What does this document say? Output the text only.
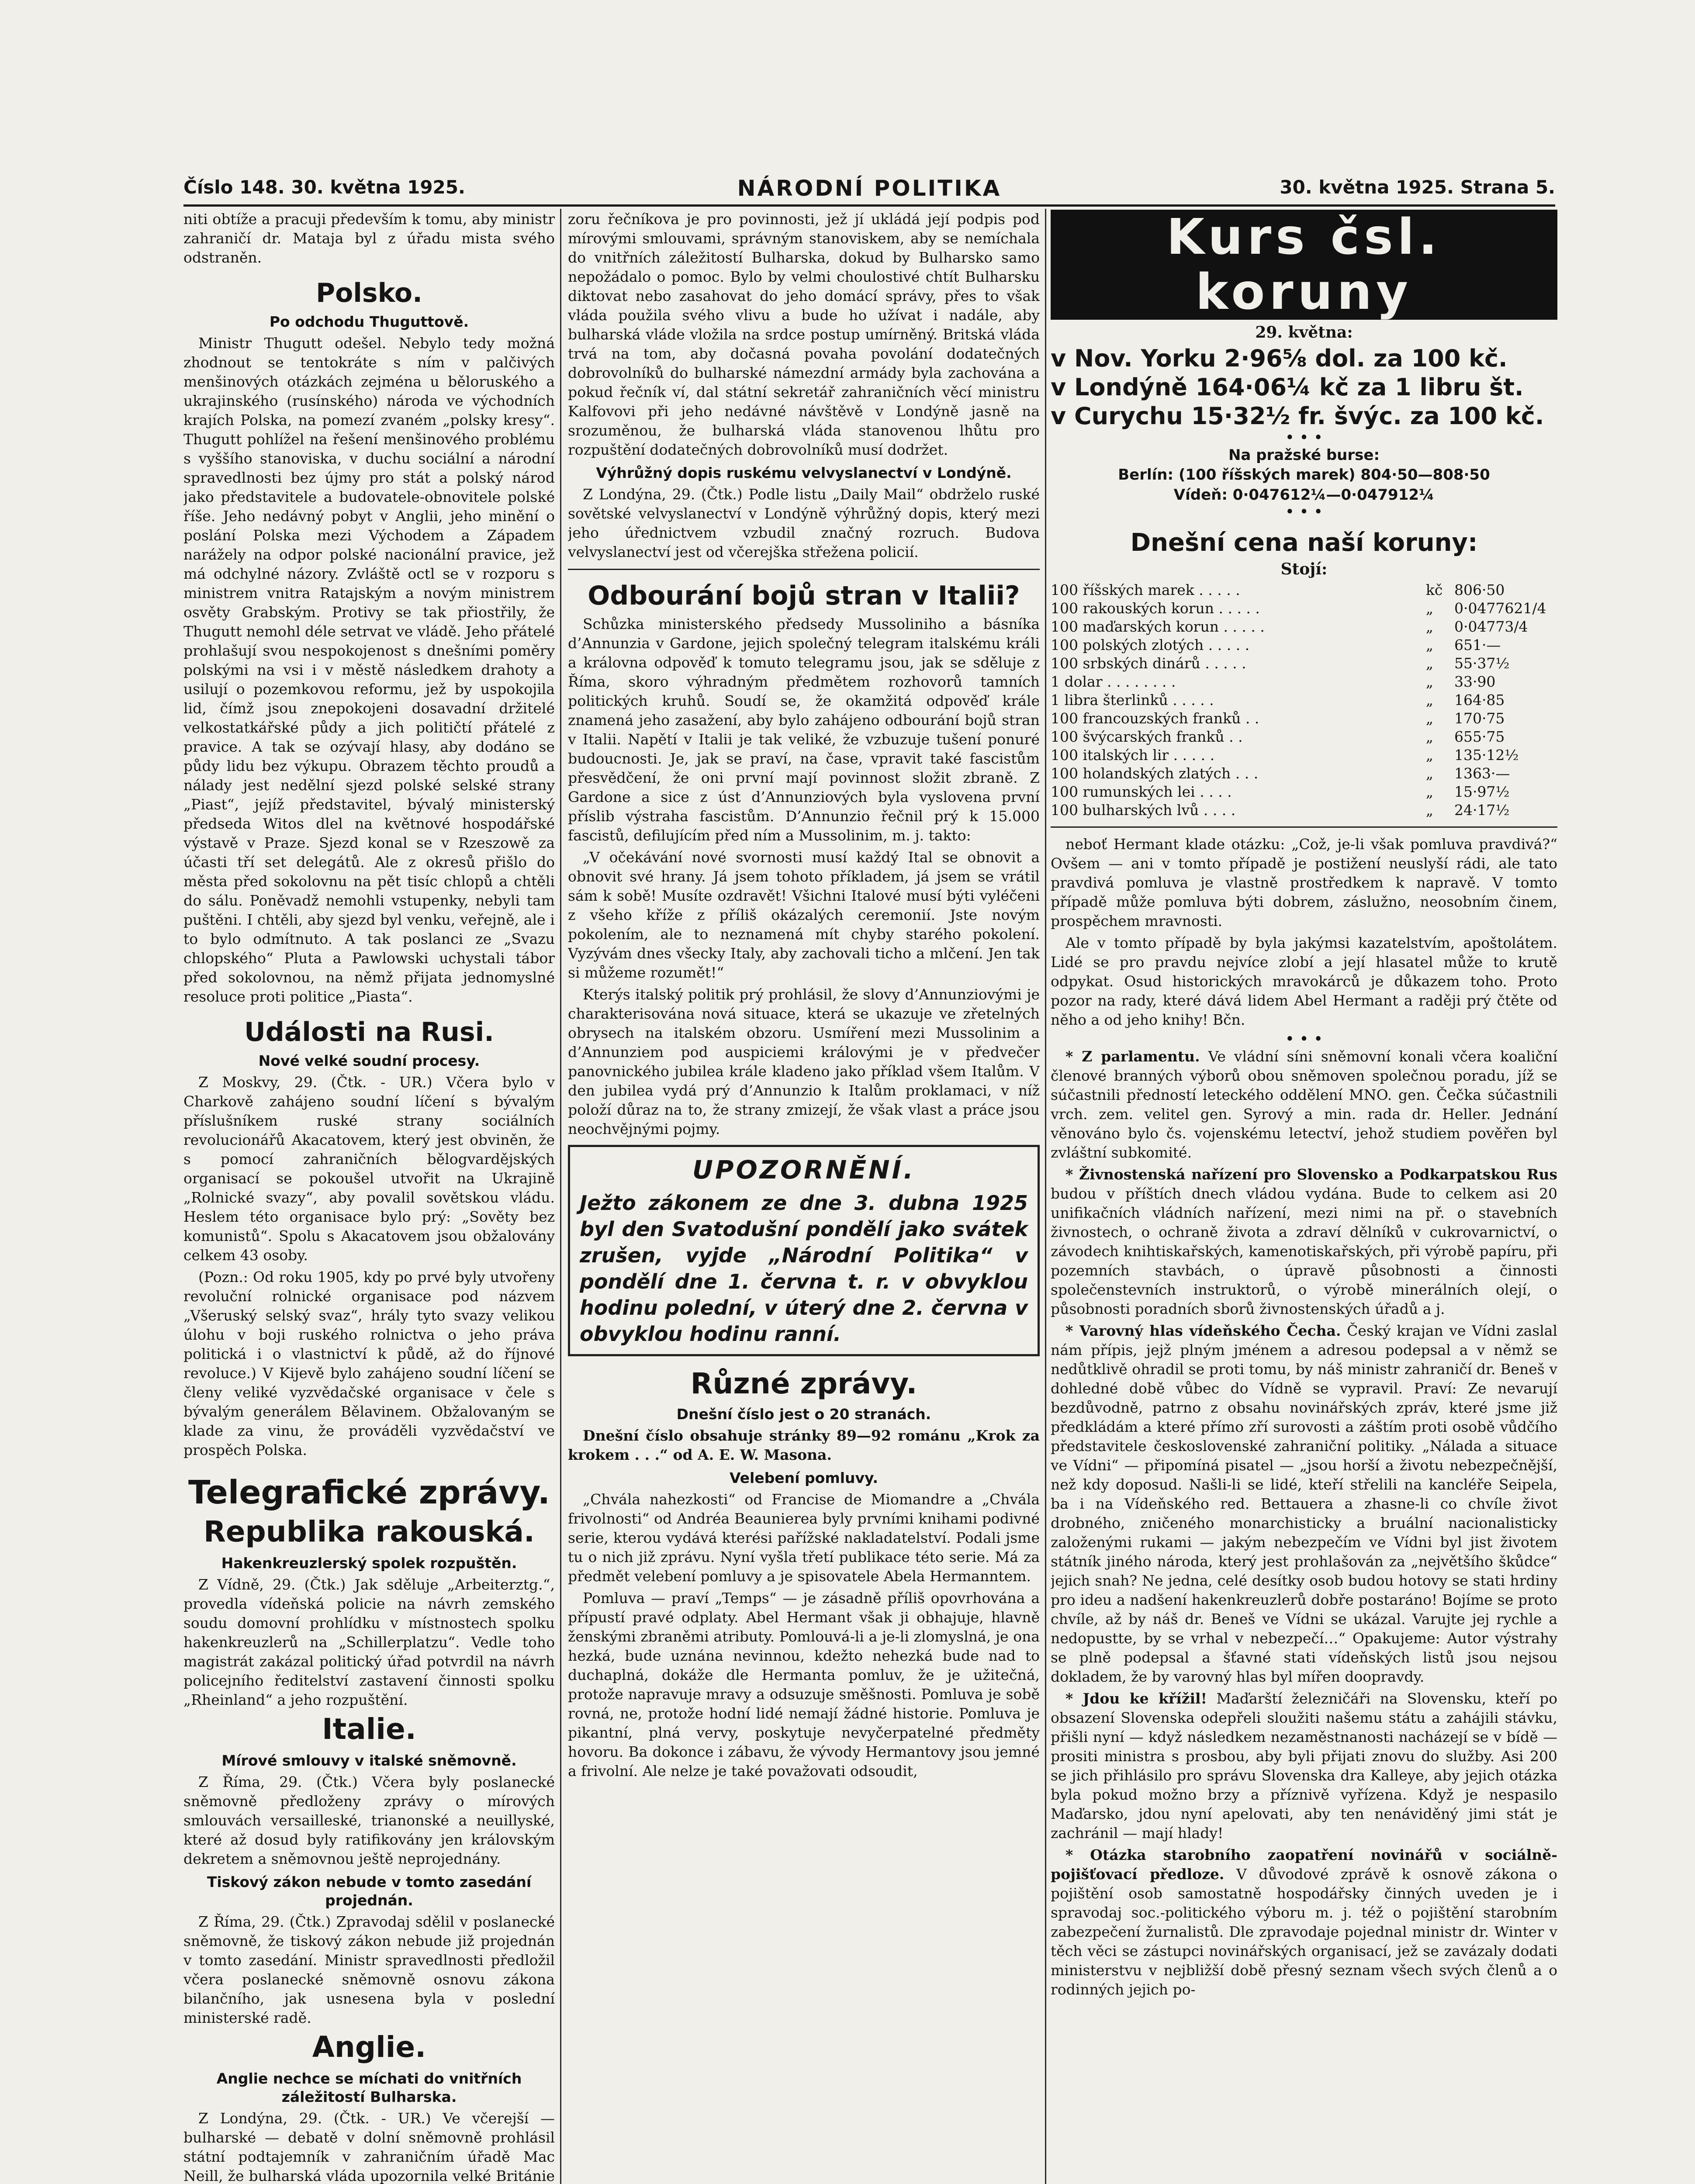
Číslo 148. 30. května 1925.	NÁRODNÍ POLITIKA	30. května 1925. Strana 5.

niti obtíže a pracuji především k tomu, aby ministr zahraničí dr. Mataja byl z úřadu mista svého odstraněn.

Polsko.
Po odchodu Thuguttově.

Ministr Thugutt odešel. Nebylo tedy možná zhodnout se tentokráte s ním v palčivých menšinových otázkách zejména u běloruského a ukrajinského (rusínského) národa ve východních krajích Polska, na pomezí zvaném „polsky kresy“. Thugutt pohlížel na řešení menšinového problému s vyššího stanoviska, v duchu sociální a národní spravedlnosti bez újmy pro stát a polský národ jako představitele a budovatele-obnovitele polské říše. Jeho nedávný pobyt v Anglii, jeho minění o poslání Polska mezi Východem a Západem narážely na odpor polské nacionální pravice, jež má odchylné názory. Zvláště octl se v rozporu s ministrem vnitra Ratajským a novým ministrem osvěty Grabským. Protivy se tak přiostřily, že Thugutt nemohl déle setrvat ve vládě. Jeho přátelé prohlašují svou nespokojenost s dnešními poměry polskými na vsi i v městě následkem drahoty a usilují o pozemkovou reformu, jež by uspokojila lid, čímž jsou znepokojeni dosavadní držitelé velkostatkářské půdy a jich političtí přátelé z pravice. A tak se ozývají hlasy, aby dodáno se půdy lidu bez výkupu. Obrazem těchto proudů a nálady jest nedělní sjezd polské selské strany „Piast“, jejíž představitel, bývalý ministerský předseda Witos dlel na květnové hospodářské výstavě v Praze. Sjezd konal se v Rzeszowě za účasti tří set delegátů. Ale z okresů přišlo do města před sokolovnu na pět tisíc chlopů a chtěli do sálu. Poněvadž nemohli vstupenky, nebyli tam puštěni. I chtěli, aby sjezd byl venku, veřejně, ale i to bylo odmítnuto. A tak poslanci ze „Svazu chlopského“ Pluta a Pawlowski uchystali tábor před sokolovnou, na němž přijata jednomyslné resoluce proti politice „Piasta“.

Události na Rusi.
Nové velké soudní procesy.

Z Moskvy, 29. (Čtk. - UR.) Včera bylo v Charkově zahájeno soudní líčení s bývalým příslušníkem ruské strany sociálních revolucionářů Akacatovem, který jest obviněn, že s pomocí zahraničních bělogvardějských organisací se pokoušel utvořit na Ukrajině „Rolnické svazy“, aby povalil sovětskou vládu. Heslem této organisace bylo prý: „Sověty bez komunistů“. Spolu s Akacatovem jsou obžalovány celkem 43 osoby.

(Pozn.: Od roku 1905, kdy po prvé byly utvořeny revoluční rolnické organisace pod názvem „Všeruský selský svaz“, hrály tyto svazy velikou úlohu v boji ruského rolnictva o jeho práva politická i o vlastnictví k půdě, až do říjnové revoluce.) V Kijevě bylo zahájeno soudní líčení se členy veliké vyzvědačské organisace v čele s bývalým generálem Bělavinem. Obžalovaným se klade za vinu, že prováděli vyzvědačství ve prospěch Polska.

Telegrafické zprávy.
Republika rakouská.
Hakenkreuzlerský spolek rozpuštěn.

Z Vídně, 29. (Čtk.) Jak sděluje „Arbeiterztg.“, provedla vídeňská policie na návrh zemského soudu domovní prohlídku v místnostech spolku hakenkreuzlerů na „Schillerplatzu“. Vedle toho magistrát zakázal politický úřad potvrdil na návrh policejního ředitelství zastavení činnosti spolku „Rheinland“ a jeho rozpuštění.

Italie.
Mírové smlouvy v italské sněmovně.

Z Říma, 29. (Čtk.) Včera byly poslanecké sněmovně předloženy zprávy o mírových smlouvách versailleské, trianonské a neuillyské, které až dosud byly ratifikovány jen královským dekretem a sněmovnou ještě neprojednány.

Tiskový zákon nebude v tomto zasedání projednán.

Z Říma, 29. (Čtk.) Zpravodaj sdělil v poslanecké sněmovně, že tiskový zákon nebude již projednán v tomto zasedání. Ministr spravedlnosti předložil včera poslanecké sněmovně osnovu zákona bilančního, jak usnesena byla v poslední ministerské radě.

Anglie.
Anglie nechce se míchati do vnitřních záležitostí Bulharska.

Z Londýna, 29. (Čtk. - UR.) Ve včerejší — bulharské — debatě v dolní sněmovně prohlásil státní podtajemník v zahraničním úřadě Mac Neill, že bulharská vláda upozornila velké Británie

zoru řečníkova je pro povinnosti, jež jí ukládá její podpis pod mírovými smlouvami, správným stanoviskem, aby se nemíchala do vnitřních záležitostí Bulharska, dokud by Bulharsko samo nepožádalo o pomoc. Bylo by velmi choulostivé chtít Bulharsku diktovat nebo zasahovat do jeho domácí správy, přes to však vláda použila svého vlivu a bude ho užívat i nadále, aby bulharská vláde vložila na srdce postup umírněný. Britská vláda trvá na tom, aby dočasná povaha povolání dodatečných dobrovolníků do bulharské námezdní armády byla zachována a pokud řečník ví, dal státní sekretář zahraničních věcí ministru Kalfovovi při jeho nedávné návštěvě v Londýně jasně na srozuměnou, že bulharská vláda stanovenou lhůtu pro rozpuštění dodatečných dobrovolníků musí dodržet.

Výhrůžný dopis ruskému velvyslanectví v Londýně.

Z Londýna, 29. (Čtk.) Podle listu „Daily Mail“ obdrželo ruské sovětské velvyslanectví v Londýně výhrůžný dopis, který mezi jeho úřednictvem vzbudil značný rozruch. Budova velvyslanectví jest od včerejška střežena policií.

Odbourání bojů stran v Italii?

Schůzka ministerského předsedy Mussoliniho a básníka d’Annunzia v Gardone, jejich společný telegram italskému králi a královna odpověď k tomuto telegramu jsou, jak se sděluje z Říma, skoro výhradným předmětem rozhovorů tamních politických kruhů. Soudí se, že okamžitá odpověď krále znamená jeho zasažení, aby bylo zahájeno odbourání bojů stran v Italii. Napětí v Italii je tak veliké, že vzbuzuje tušení ponuré budoucnosti. Je, jak se praví, na čase, vpravit také fascistům přesvědčení, že oni první mají povinnost složit zbraně. Z Gardone a sice z úst d’Annunziových byla vyslovena první příslib výstraha fascistům. D’Annunzio řečnil prý k 15.000 fascistů, defilujícím před ním a Mussolinim, m. j. takto:

„V očekávání nové svornosti musí každý Ital se obnovit a obnovit své hrany. Já jsem tohoto příkladem, já jsem se vrátil sám k sobě! Musíte ozdravět! Všichni Italové musí býti vyléčeni z všeho kříže z příliš okázalých ceremonií. Jste novým pokolením, ale to neznamená mít chyby starého pokolení. Vyzývám dnes všecky Italy, aby zachovali ticho a mlčení. Jen tak si můžeme rozumět!“

Kterýs italský politik prý prohlásil, že slovy d’Annunziovými je charakterisována nová situace, která se ukazuje ve zřetelných obrysech na italském obzoru. Usmíření mezi Mussolinim a d’Annunziem pod auspiciemi královými je v předvečer panovnického jubilea krále kladeno jako příklad všem Italům. V den jubilea vydá prý d’Annunzio k Italům proklamaci, v níž položí důraz na to, že strany zmizejí, že však vlast a práce jsou neochvějnými pojmy.

UPOZORNĚNÍ.
Ježto zákonem ze dne 3. dubna 1925 byl den Svatodušní pondělí jako svátek zrušen, vyjde „Národní Politika“ v pondělí dne 1. června t. r. v obvyklou hodinu polední, v úterý dne 2. června v obvyklou hodinu ranní.
Různé zprávy.
Dnešní číslo jest o 20 stranách.

Dnešní číslo obsahuje stránky 89—92 románu „Krok za krokem . . .“ od A. E. W. Masona.

Velebení pomluvy.

„Chvála nahezkosti“ od Francise de Miomandre a „Chvála frivolnosti“ od Andréa Beaunierea byly prvními knihami podivné serie, kterou vydává kterési pařížské nakladatelství. Podali jsme tu o nich již zprávu. Nyní vyšla třetí publikace této serie. Má za předmět velebení pomluvy a je spisovatele Abela Hermanntem.

Pomluva — praví „Temps“ — je zásadně příliš opovrhována a přípustí pravé odplaty. Abel Hermant však ji obhajuje, hlavně ženskými zbraněmi atributy. Pomlouvá-li a je-li zlomyslná, je ona hezká, bude uznána nevinnou, kdežto nehezká bude nad to duchaplná, dokáže dle Hermanta pomluv, že je užitečná, protože napravuje mravy a odsuzuje směšnosti. Pomluva je sobě rovná, ne, protože hodní lidé nemají žádné historie. Pomluva je pikantní, plná vervy, poskytuje nevyčerpatelné předměty hovoru. Ba dokonce i zábavu, že vývody Hermantovy jsou jemné a frivolní. Ale nelze je také považovati odsoudit,

Kurs čsl. koruny
29. května:

v Nov. Yorku 2·96⅝ dol. za 100 kč.

v Londýně 164·06¼ kč za 1 libru št.

v Curychu 15·32½ fr. švýc. za 100 kč.

• • •
Na pražské burse:
Berlín: (100 říšských marek) 804·50—808·50
Vídeň: 0·047612¼—0·047912¼
• • •
Dnešní cena naší koruny:
Stojí:
100 říšských marek . . . . .	kč	806·50
100 rakouských korun . . . . .	„	0·0477621/4
100 maďarských korun . . . . .	„	0·04773/4
100 polských zlotých . . . . .	„	651·—
100 srbských dinárů . . . . .	„	55·37½
1 dolar . . . . . . . .	„	33·90
1 libra šterlinků . . . . .	„	164·85
100 francouzských franků . .	„	170·75
100 švýcarských franků . .	„	655·75
100 italských lir . . . . .	„	135·12½
100 holandských zlatých . . .	„	1363·—
100 rumunských lei . . . .	„	15·97½
100 bulharských lvů . . . .	„	24·17½

neboť Hermant klade otázku: „Což, je-li však pomluva pravdivá?“ Ovšem — ani v tomto případě je postižení neuslyší rádi, ale tato pravdivá pomluva je vlastně prostředkem k napravě. V tomto případě může pomluva býti dobrem, záslužno, neosobním činem, prospěchem mravnosti.

Ale v tomto případě by byla jakýmsi kazatelstvím, apoštolátem. Lidé se pro pravdu nejvíce zlobí a její hlasatel může to krutě odpykat. Osud historických mravokárců je důkazem toho. Proto pozor na rady, které dává lidem Abel Hermant a raději prý čtěte od něho a od jeho knihy! Bčn.

• • •

* Z parlamentu. Ve vládní síni sněmovní konali včera koaliční členové branných výborů obou sněmoven společnou poradu, jíž se súčastnili předností leteckého oddělení MNO. gen. Čečka súčastnili vrch. zem. velitel gen. Syrový a min. rada dr. Heller. Jednání věnováno bylo čs. vojenskému letectví, jehož studiem pověřen byl zvláštní subkomité.

* Živnostenská nařízení pro Slovensko a Podkarpatskou Rus budou v příštích dnech vládou vydána. Bude to celkem asi 20 unifikačních vládních nařízení, mezi nimi na př. o stavebních živnostech, o ochraně života a zdraví dělníků v cukrovarnictví, o závodech knihtiskařských, kamenotiskařských, při výrobě papíru, při pozemních stavbách, o úpravě působnosti a činnosti společenstevních instruktorů, o výrobě minerálních olejí, o působnosti poradních sborů živnostenských úřadů a j.

* Varovný hlas vídeňského Čecha. Český krajan ve Vídni zaslal nám přípis, jejž plným jménem a adresou podepsal a v němž se nedůtklivě ohradil se proti tomu, by náš ministr zahraničí dr. Beneš v dohledné době vůbec do Vídně se vypravil. Praví: Ze nevarují bezdůvodně, patrno z obsahu novinářských zpráv, které jsme již předkládám a které přímo zří surovosti a záštím proti osobě vůdčího představitele československé zahraniční politiky. „Nálada a situace ve Vídni“ — připomíná pisatel — „jsou horší a životu nebezpečnější, než kdy doposud. Našli-li se lidé, kteří střelili na kancléře Seipela, ba i na Vídeňského red. Bettauera a zhasne-li co chvíle život drobného, zničeného monarchisticky a bruální nacionalisticky založenými rukami — jakým nebezpečím ve Vídni byl jist životem státník jiného národa, který jest prohlašován za „největšího škůdce“ jejich snah? Ne jedna, celé desítky osob budou hotovy se stati hrdiny pro ideu a nadšení hakenkreuzlerů dobře postaráno! Bojíme se proto chvíle, až by náš dr. Beneš ve Vídni se ukázal. Varujte jej rychle a nedopustte, by se vrhal v nebezpečí…“ Opakujeme: Autor výstrahy se plně podepsal a šťavné stati vídeňských listů jsou nejsou dokladem, že by varovný hlas byl mířen doopravdy.

* Jdou ke křížil! Maďarští železničáři na Slovensku, kteří po obsazení Slovenska odepřeli sloužiti našemu státu a zahájili stávku, přišli nyní — když následkem nezaměstnanosti nacházejí se v bídě — prositi ministra s prosbou, aby byli přijati znovu do služby. Asi 200 se jich přihlásilo pro správu Slovenska dra Kalleye, aby jejich otázka byla pokud možno brzy a příznivě vyřízena. Když je nespasilo Maďarsko, jdou nyní apelovati, aby ten nenáviděný jimi stát je zachránil — mají hlady!

* Otázka starobního zaopatření novinářů v sociálně-pojišťovací předloze. V důvodové zprávě k osnově zákona o pojištění osob samostatně hospodářsky činných uveden je i spravodaj soc.-politického výboru m. j. též o pojištění starobním zabezpečení žurnalistů. Dle zpravodaje pojednal ministr dr. Winter v těch věci se zástupci novinářských organisací, jež se zavázaly dodati ministerstvu v nejbližší době přesný seznam všech svých členů a o rodinných jejich po-
